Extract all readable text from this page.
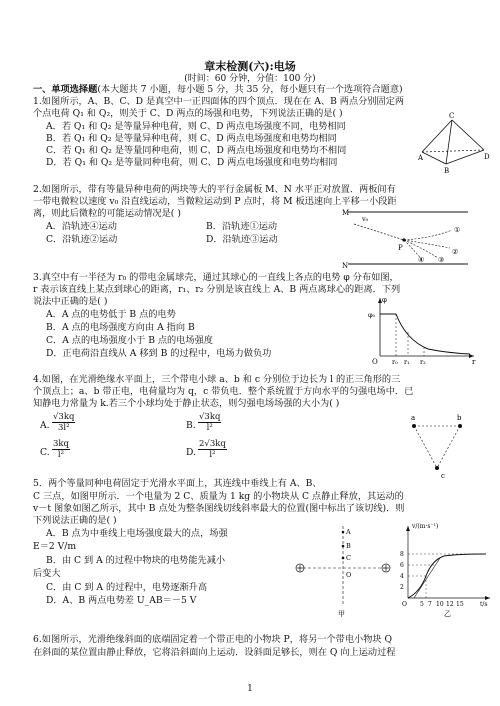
章末检测(六):电场
(时间：60 分钟，分值：100 分)
一、单项选择题(本大题共 7 小题，每小题 5 分，共 35 分，每小题只有一个选项符合题意)
1.如图所示，A、B、C、D 是真空中一正四面体的四个顶点．现在在 A、B 两点分别固定两
个点电荷 Q₁ 和 Q₂，则关于 C、D 两点的场强和电势，下列说法正确的是( )
A．若 Q₁ 和 Q₂ 是等量异种电荷，则 C、D 两点电场强度不同，电势相同
B．若 Q₁ 和 Q₂ 是等量异种电荷，则 C、D 两点电场强度和电势均相同
C．若 Q₁ 和 Q₂ 是等量同种电荷，则 C、D 两点电场强度和电势均不相同
D．若 Q₁ 和 Q₂ 是等量同种电荷，则 C、D 两点电场强度和电势均相同
C
A	D
B
2.如图所示，带有等量异种电荷的两块等大的平行金属板 M、N 水平正对放置．两板间有
一带电微粒以速度 v₀ 沿直线运动，当微粒运动到 P 点时，将 M 板迅速向上平移一小段距
离，则此后微粒的可能运动情况是( )
A．沿轨迹④运动	B．沿轨迹①运动
C．沿轨迹②运动	D．沿轨迹③运动
M
v₀
P
①
②
③
④
N
3.真空中有一半径为 r₀ 的带电金属球壳，通过其球心的一直线上各点的电势 φ 分布如图，
r 表示该直线上某点到球心的距离，r₁、r₂ 分别是该直线上 A、B 两点离球心的距离．下列
说法中正确的是( )
A．A 点的电势低于 B 点的电势
B．A 点的电场强度方向由 A 指向 B
C．A 点的电场强度小于 B 点的电场强度
D．正电荷沿直线从 A 移到 B 的过程中，电场力做负功
φ
φ₀
O r₀ r₁ r₂	r
4.如图，在光滑绝缘水平面上，三个带电小球 a、b 和 c 分别位于边长为 l 的正三角形的三
个顶点上；a、b 带正电，电荷量均为 q，c 带负电．整个系统置于方向水平的匀强电场中．已
知静电力常量为 k.若三个小球均处于静止状态，则匀强电场场强的大小为( )
A. $\frac{√3kq}{\text{3l²}}$	B. $\frac{√3kq}{\text{l²}}$
C. $\frac{3kq}{\text{l²}}$	D. $\frac{2√3kq}{\text{l²}}$
a	b
c
5．两个等量同种电荷固定于光滑水平面上，其连线中垂线上有 A、B、
C 三点，如图甲所示．一个电量为 2 C、质量为 1 kg 的小物块从 C 点静止释放，其运动的
v－t 图象如图乙所示，其中 B 点处为整条图线切线斜率最大的位置(图中标出了该切线)．则
下列说法正确的是( )
A．B 点为中垂线上电场强度最大的点，场强
E＝2 V/m
B．由 C 到 A 的过程中物块的电势能先减小
后变大
C．由 C 到 A 的过程中，电势逐渐升高
D．A、B 两点电势差 U_AB＝－5 V
A
B
C
O
甲
v/(m·s⁻¹)
8
6
4
2
O 5 7 10 12 15	t/s
乙
6.如图所示，光滑绝缘斜面的底端固定着一个带正电的小物块 P，将另一个带电小物块 Q
在斜面的某位置由静止释放，它将沿斜面向上运动．设斜面足够长，则在 Q 向上运动过程
1
